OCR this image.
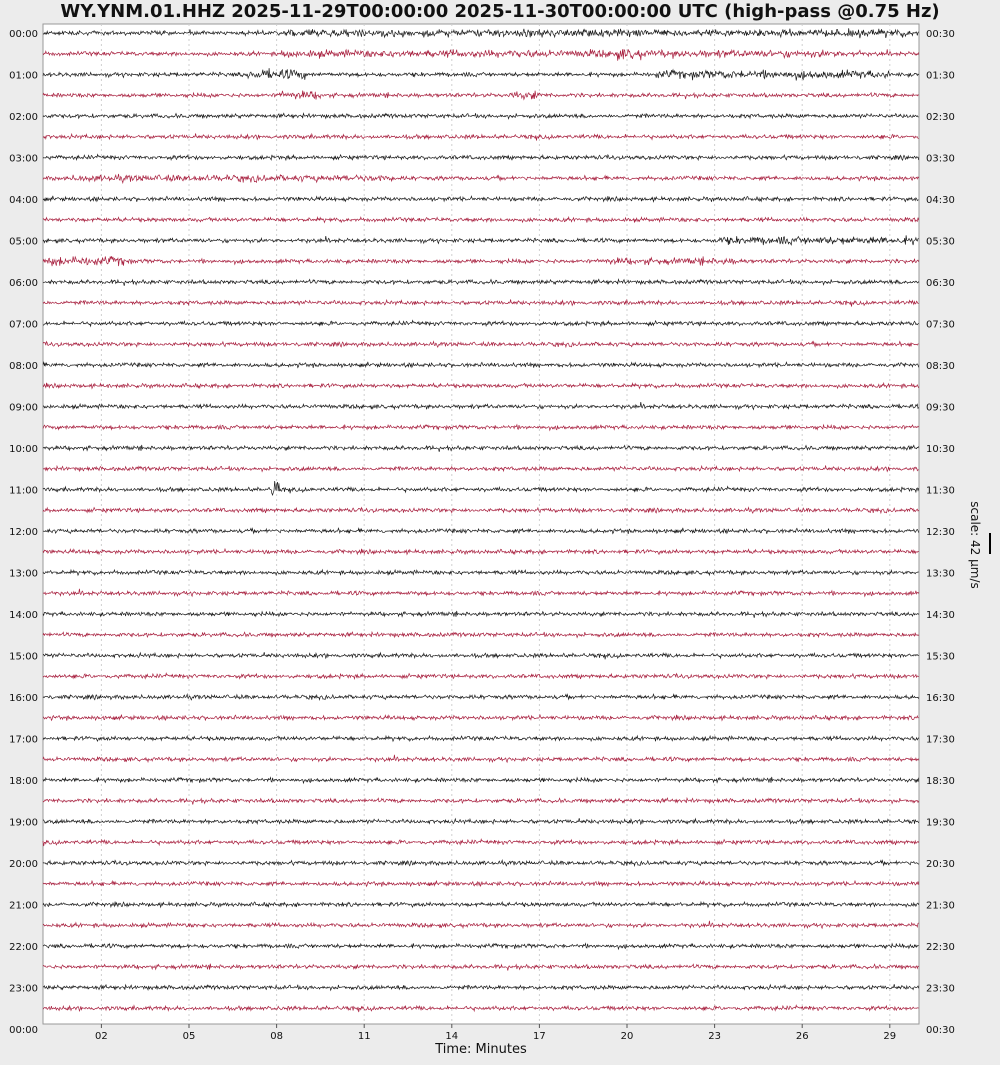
WY.YNM.01.HHZ 2025-11-29T00:00:00 2025-11-30T00:00:00 UTC (high-pass @0.75 Hz)
00:00
01:00
02:00
03:00
04:00
05:00
06:00
07:00
08:00
09:00
10:00
11:00
12:00
13:00
14:00
15:00
16:00
17:00
18:00
19:00
20:00
21:00
22:00
23:00
00:00
00:30
01:30
02:30
03:30
04:30
05:30
06:30
07:30
08:30
09:30
10:30
11:30
12:30
13:30
14:30
15:30
16:30
17:30
18:30
19:30
20:30
21:30
22:30
23:30
00:30
02	05	08	11	14	17	20	23	26	29
Time: Minutes
scale: 42 μm/s
